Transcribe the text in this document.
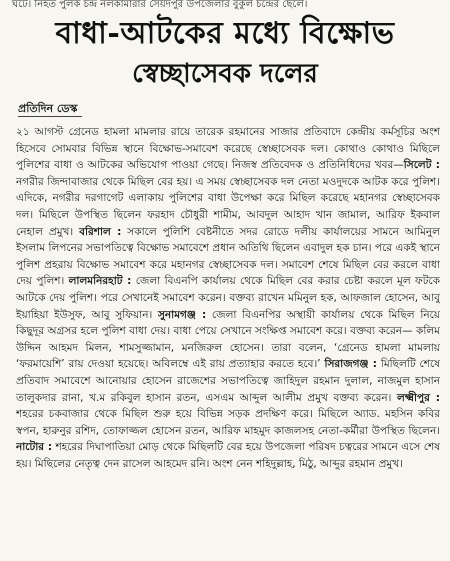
ঘটে। নিহত পুলক চন্দ্র নলকামারার সৈয়দপুর উপজেলার বুকুল চন্দ্রের ছেলে।
বাধা-আটকের মধ্যে বিক্ষোভ
স্বেচ্ছাসেবক দলের
প্রতিদিন ডেস্ক
২১ আগস্ট গ্রেনেড হামলা মামলার রায়ে তারেক রহমানের সাজার প্রতিবাদে কেন্দ্রীয় কর্মসূচির অংশ হিসেবে সোমবার বিভিন্ন স্থানে বিক্ষোভ-সমাবেশ করেছে স্বেচ্ছাসেবক দল। কোথাও কোথাও মিছিলে পুলিশের বাধা ও আটকের অভিযোগ পাওয়া গেছে। নিজস্ব প্রতিবেদক ও প্রতিনিধিদের খবর—সিলেট : নগরীর জিন্দাবাজার থেকে মিছিল বের হয়। এ সময় স্বেচ্ছাসেবক দল নেতা মওদুদকে আটক করে পুলিশ। এদিকে, নগরীর দরগাগেট এলাকায় পুলিশের বাধা উপেক্ষা করে মিছিল করেছে মহানগর স্বেচ্ছাসেবক দল। মিছিলে উপস্থিত ছিলেন ফরহাদ চৌধুরী শামীম, আবদুল আহাদ খান জামাল, আরিফ ইকবাল নেহাল প্রমুখ। বরিশাল : সকালে পুলিশি বেষ্টনীতে সদর রোডে দলীয় কার্যালয়ের সামনে আমিনুল ইসলাম লিপনের সভাপতিত্বে বিক্ষোভ সমাবেশে প্রধান অতিথি ছিলেন এবাদুল হক চান। পরে একই স্থানে পুলিশ প্রহরায় বিক্ষোভ সমাবেশ করে মহানগর স্বেচ্ছাসেবক দল। সমাবেশ শেষে মিছিল বের করলে বাধা দেয় পুলিশ। লালমনিরহাট : জেলা বিএনপি কার্যালয় থেকে মিছিল বের করার চেষ্টা করলে মূল ফটকে আটকে দেয় পুলিশ। পরে সেখানেই সমাবেশ করেন। বক্তব্য রাখেন মমিনুল হক, আফজাল হোসেন, আবু ইয়াহিয়া ইউসুফ, আবু সুফিয়ান। সুনামগঞ্জ : জেলা বিএনপির অস্থায়ী কার্যালয় থেকে মিছিল নিয়ে কিছুদূর অগ্রসর হলে পুলিশ বাধা দেয়। বাধা পেয়ে সেখানে সংক্ষিপ্ত সমাবেশ করে। বক্তব্য করেন— কলিম উদ্দিন আহমদ মিলন, শামসুজ্জামান, মনজিরুল হোসেন। তারা বলেন, ‘গ্রেনেড হামলা মামলায় ‘ফরমায়েশি’ রায় দেওয়া হয়েছে। অবিলম্বে এই রায় প্রত্যাহার করতে হবে।’ সিরাজগঞ্জ : মিছিলটি শেষে প্রতিবাদ সমাবেশে আনোয়ার হোসেন রাজেশের সভাপতিত্বে জাহিদুল রহমান দুলাল, নাজমুল হাসান তালুকদার রানা, খ.ম রকিবুল হাসান রতন, এসএম আব্দুল আলীম প্রমুখ বক্তব্য করেন। লক্ষ্মীপুর : শহরের চকবাজার থেকে মিছিল শুরু হয়ে বিভিন্ন সড়ক প্রদক্ষিণ করে। মিছিলে অ্যাড. মহসিন কবির স্বপন, হারুনুর রশিদ, তোফাজ্জল হোসেন রতন, আরিফ মাহমুদ কাজলসহ নেতা-কর্মীরা উপস্থিত ছিলেন। নাটোর : শহরের দিঘাপাতিয়া মোড় থেকে মিছিলটি বের হয়ে উপজেলা পরিষদ চত্বরের সামনে এসে শেষ হয়। মিছিলের নেতৃত্ব দেন রাসেল আহমেদ রনি। অংশ নেন শহিদুল্লাহ, মিঠু, আব্দুর রহমান প্রমুখ।
